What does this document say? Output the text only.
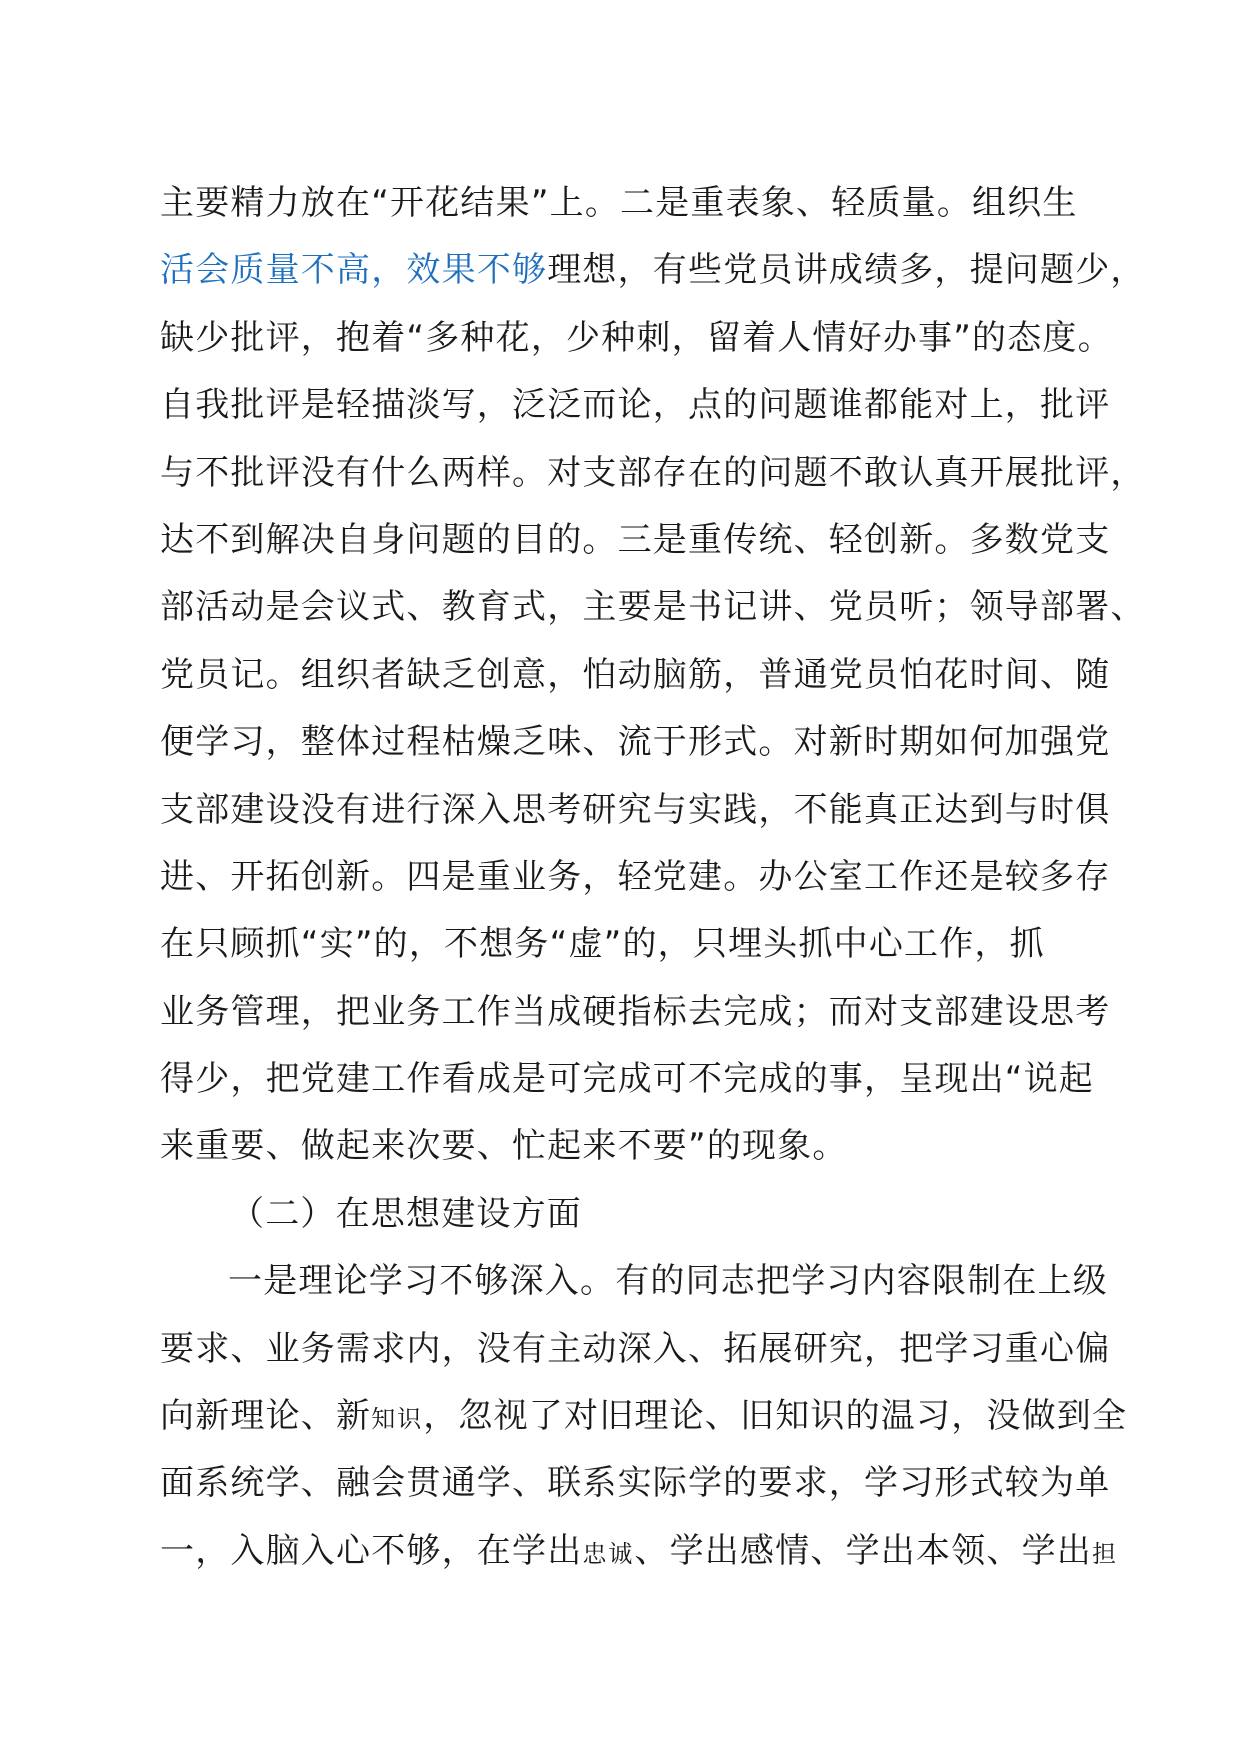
主要精力放在“开花结果”上。二是重表象、轻质量。组织生
活会质量不高，效果不够理想，有些党员讲成绩多，提问题少，
缺少批评，抱着“多种花，少种刺，留着人情好办事”的态度。
自我批评是轻描淡写，泛泛而论，点的问题谁都能对上，批评
与不批评没有什么两样。对支部存在的问题不敢认真开展批评，
达不到解决自身问题的目的。三是重传统、轻创新。多数党支
部活动是会议式、教育式，主要是书记讲、党员听；领导部署、
党员记。组织者缺乏创意，怕动脑筋，普通党员怕花时间、随
便学习，整体过程枯燥乏味、流于形式。对新时期如何加强党
支部建设没有进行深入思考研究与实践，不能真正达到与时俱
进、开拓创新。四是重业务，轻党建。办公室工作还是较多存
在只顾抓“实”的，不想务“虚”的，只埋头抓中心工作，抓
业务管理，把业务工作当成硬指标去完成；而对支部建设思考
得少，把党建工作看成是可完成可不完成的事，呈现出“说起
来重要、做起来次要、忙起来不要”的现象。
（二）在思想建设方面
一是理论学习不够深入。有的同志把学习内容限制在上级
要求、业务需求内，没有主动深入、拓展研究，把学习重心偏
向新理论、新知识，忽视了对旧理论、旧知识的温习，没做到全
面系统学、融会贯通学、联系实际学的要求，学习形式较为单
一，入脑入心不够，在学出忠诚、学出感情、学出本领、学出担
